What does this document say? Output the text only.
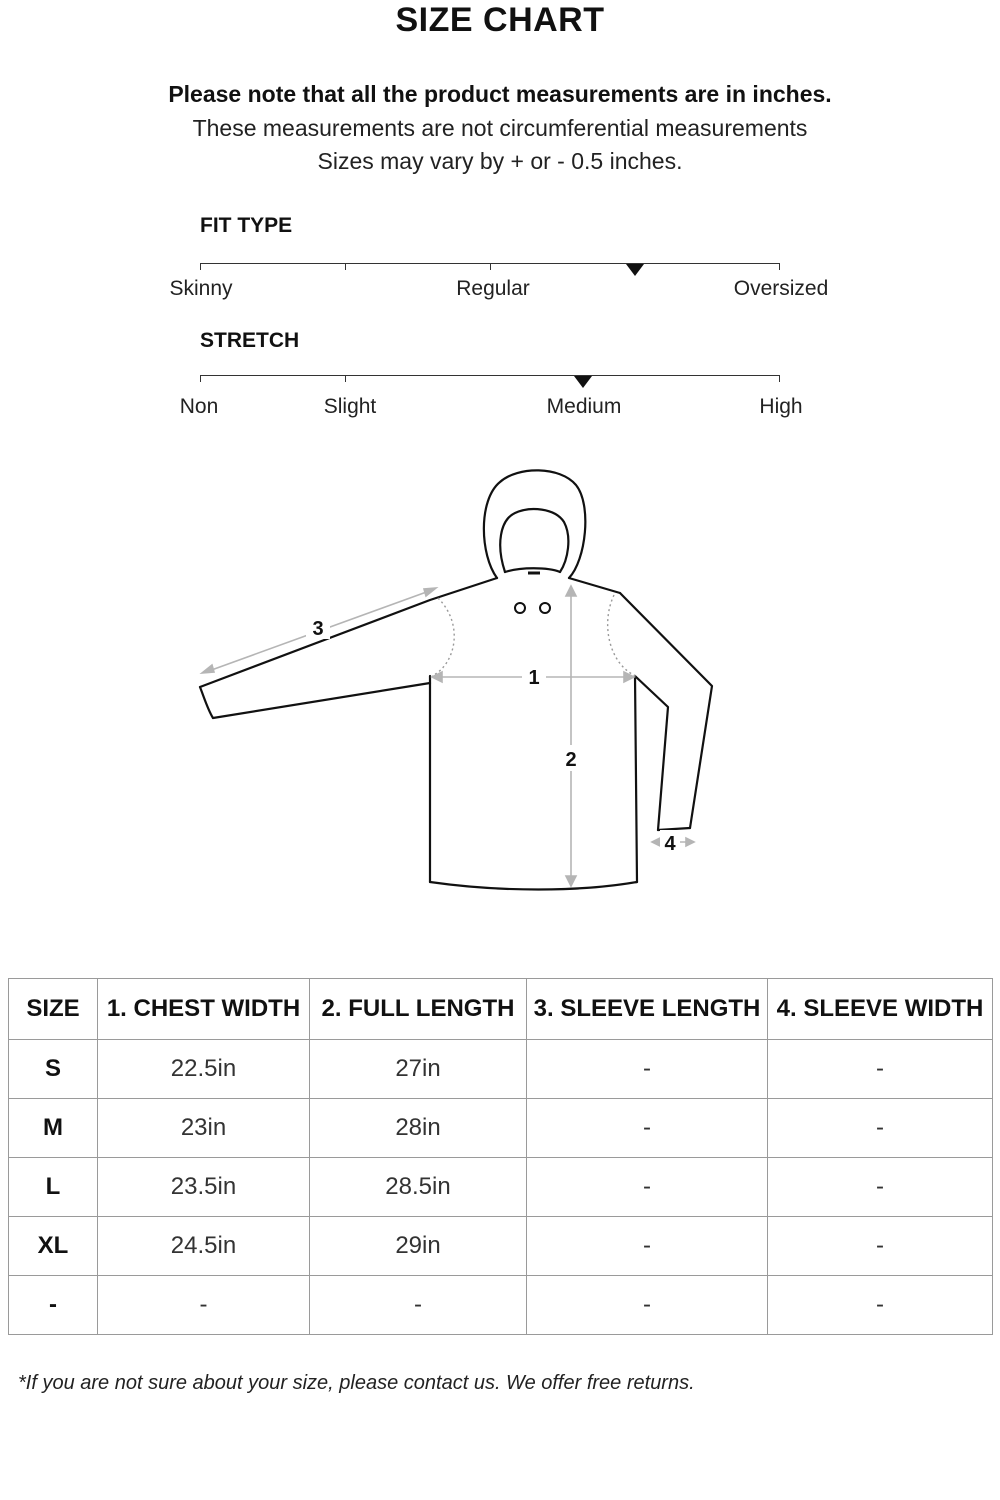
SIZE CHART
Please note that all the product measurements are in inches.
These measurements are not circumferential measurements
Sizes may vary by + or - 0.5 inches.
FIT TYPE
Skinny	Regular	Oversized
STRETCH
Non	Slight	Medium	High
1
2
3
4
SIZE	1. CHEST WIDTH	2. FULL LENGTH	3. SLEEVE LENGTH	4. SLEEVE WIDTH
S	22.5in	27in	-	-
M	23in	28in	-	-
L	23.5in	28.5in	-	-
XL	24.5in	29in	-	-
-	-	-	-	-
*If you are not sure about your size, please contact us. We offer free returns.
